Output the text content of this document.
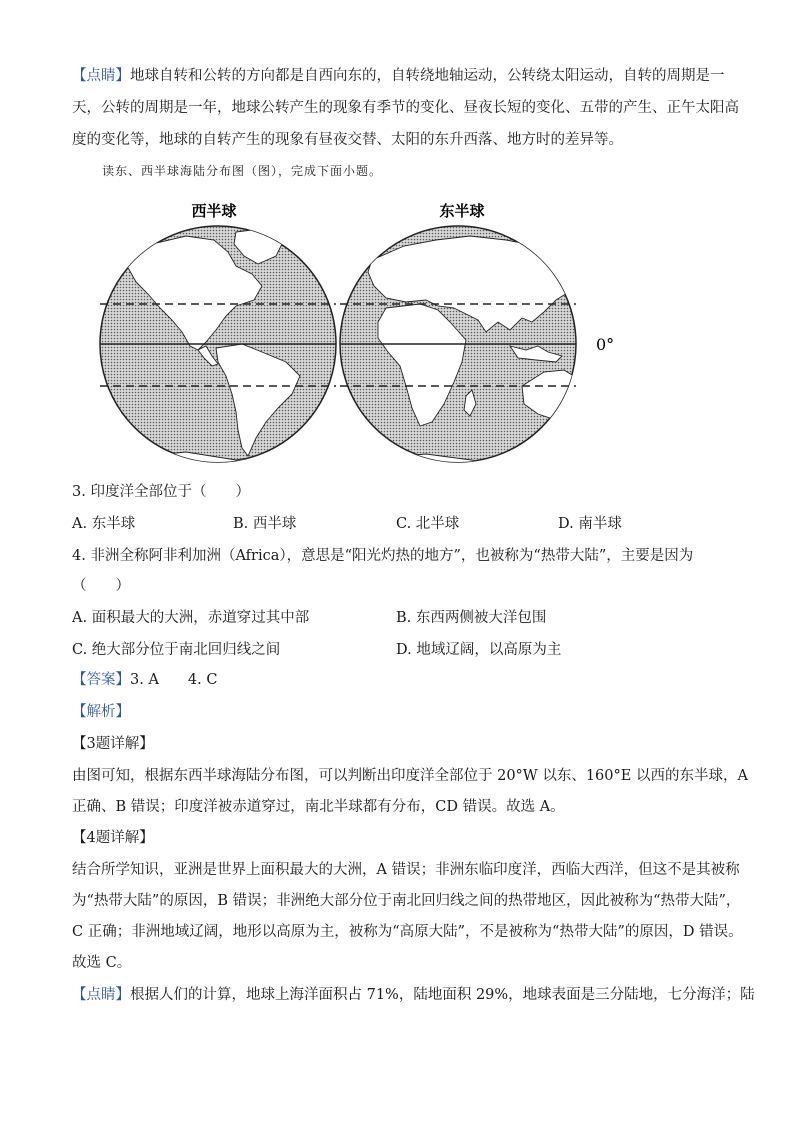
【点睛】地球自转和公转的方向都是自西向东的，自转绕地轴运动，公转绕太阳运动，自转的周期是一
天，公转的周期是一年，地球公转产生的现象有季节的变化、昼夜长短的变化、五带的产生、正午太阳高
度的变化等，地球的自转产生的现象有昼夜交替、太阳的东升西落、地方时的差异等。
读东、西半球海陆分布图（图），完成下面小题。
西半球	东半球
0°
3. 印度洋全部位于（　　）
A. 东半球	B. 西半球	C. 北半球	D. 南半球
4. 非洲全称阿非利加洲（Africa），意思是“阳光灼热的地方”，也被称为“热带大陆”，主要是因为
（　　）
A. 面积最大的大洲，赤道穿过其中部	B. 东西两侧被大洋包围
C. 绝大部分位于南北回归线之间	D. 地域辽阔，以高原为主
【答案】3. A　　4. C
【解析】
【3题详解】
由图可知，根据东西半球海陆分布图，可以判断出印度洋全部位于 20°W 以东、160°E 以西的东半球，A
正确、B 错误；印度洋被赤道穿过，南北半球都有分布，CD 错误。故选 A。
【4题详解】
结合所学知识，亚洲是世界上面积最大的大洲，A 错误；非洲东临印度洋，西临大西洋，但这不是其被称
为“热带大陆”的原因，B 错误；非洲绝大部分位于南北回归线之间的热带地区，因此被称为“热带大陆”，
C 正确；非洲地域辽阔，地形以高原为主，被称为“高原大陆”，不是被称为“热带大陆”的原因，D 错误。
故选 C。
【点睛】根据人们的计算，地球上海洋面积占 71%，陆地面积 29%，地球表面是三分陆地，七分海洋；陆
